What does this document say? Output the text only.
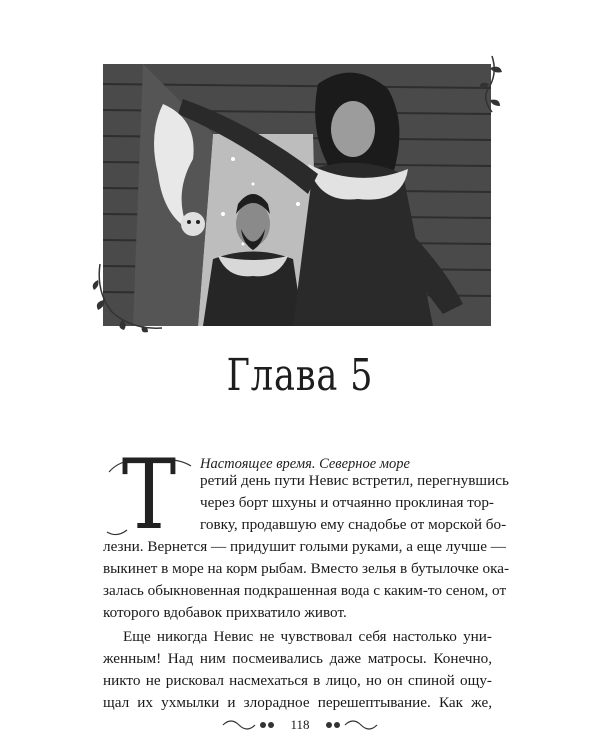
Глава 5
Т	Настоящее время. Северное море
ретий день пути Невис встретил, перегнувшись
через борт шхуны и отчаянно проклиная тор-
говку, продавшую ему снадобье от морской бо-
лезни. Вернется — придушит голыми руками, а еще лучше —
выкинет в море на корм рыбам. Вместо зелья в бутылочке ока-
залась обыкновенная подкрашенная вода с каким-то сеном, от
которого вдобавок прихватило живот.
Еще никогда Невис не чувствовал себя настолько уни-
женным! Над ним посмеивались даже матросы. Конечно,
никто не рисковал насмехаться в лицо, но он спиной ощу-
118
щал их ухмылки и злорадное перешептывание. Как же,
